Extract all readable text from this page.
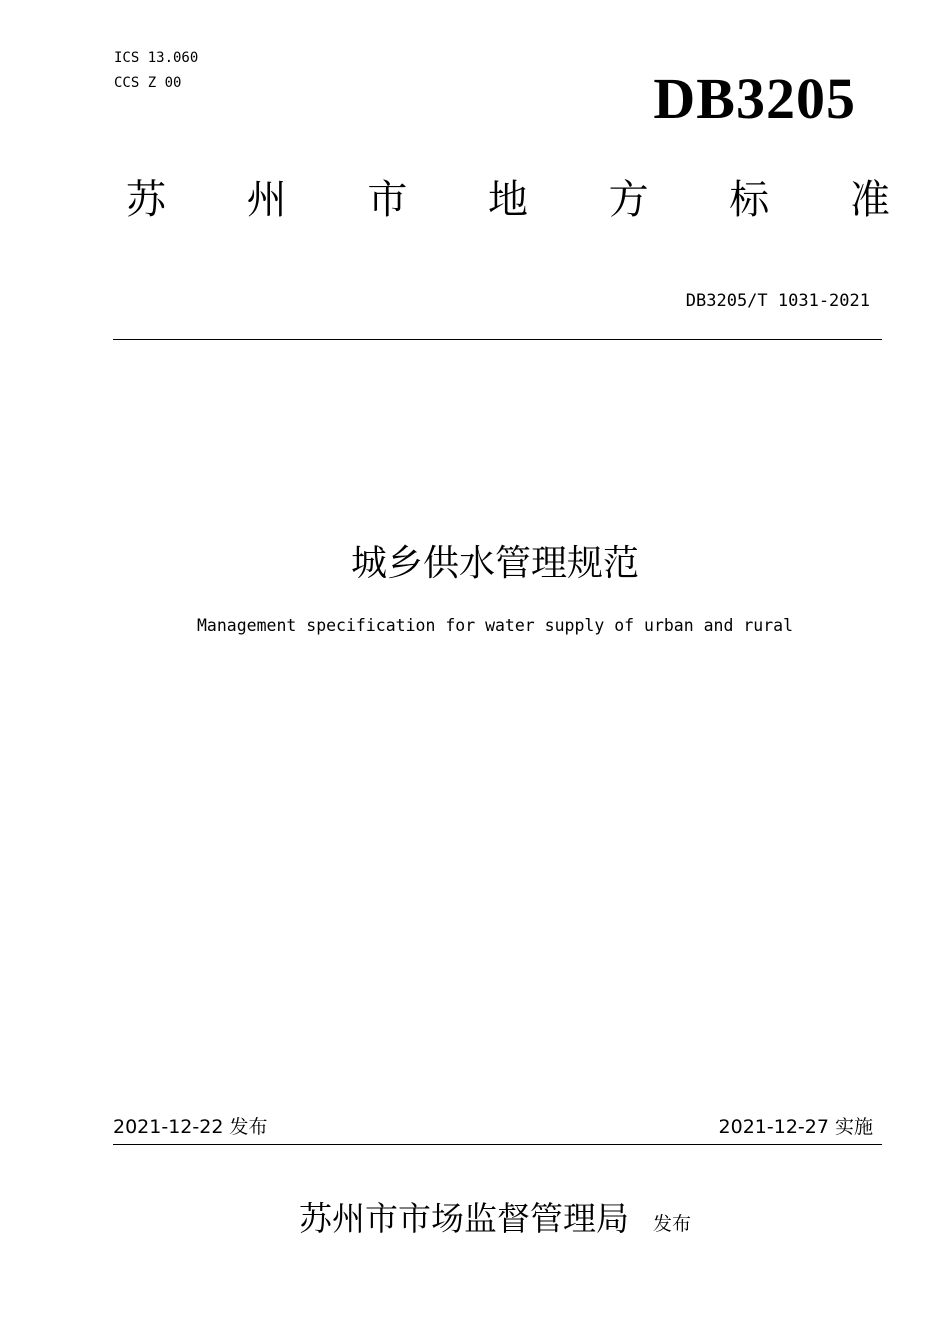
ICS 13.060
CCS Z 00	DB3205
苏 州 市 地 方 标 准
DB3205/T 1031-2021
城乡供水管理规范
Management specification for water supply of urban and rural
2021-12-22 发布	2021-12-27 实施
苏州市市场监督管理局 发布
